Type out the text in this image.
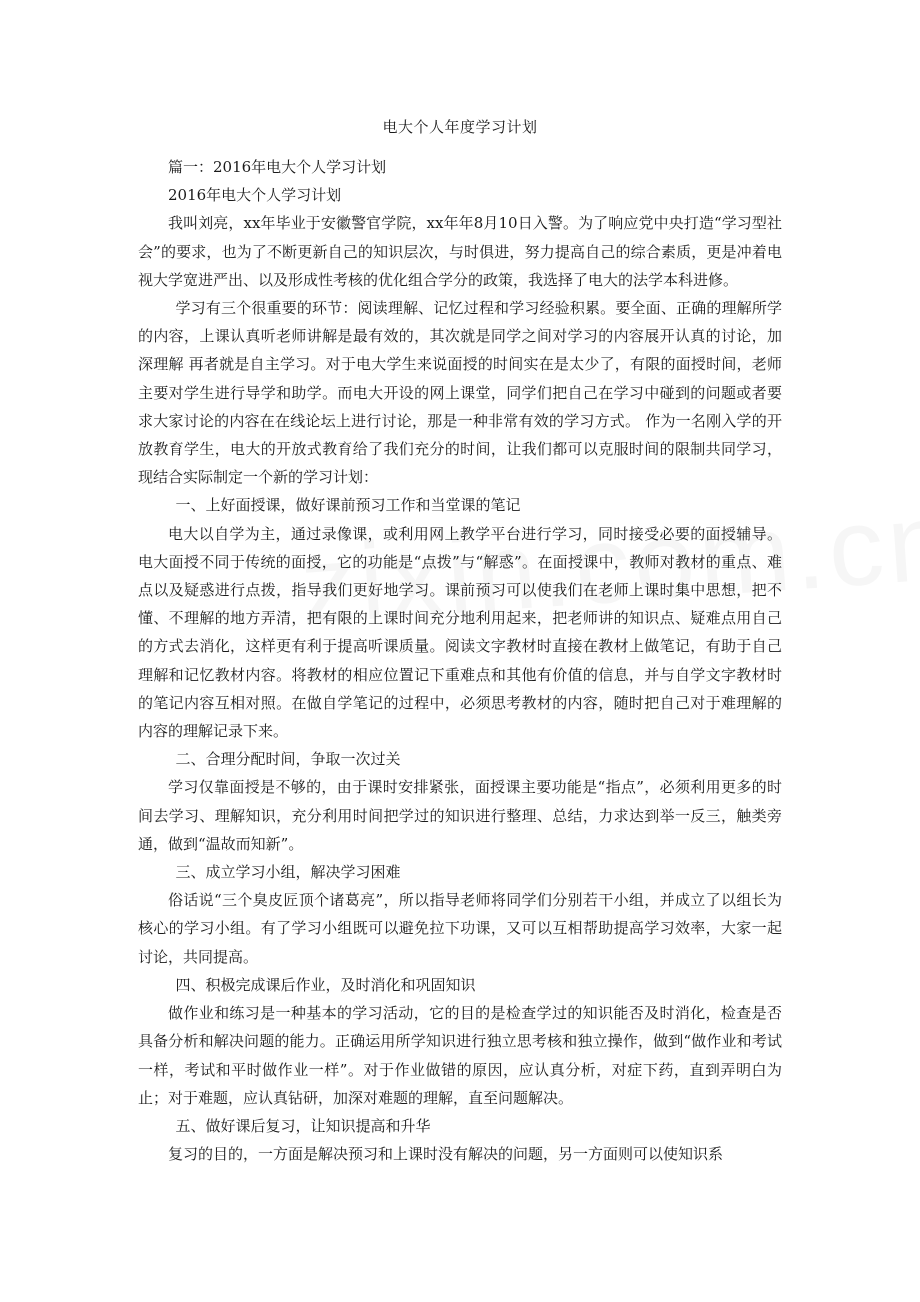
电大个人年度学习计划

篇一：2016年电大个人学习计划

2016年电大个人学习计划

我叫刘亮，xx年毕业于安徽警官学院，xx年年8月10日入警。为了响应党中央打造“学习型社会”的要求，也为了不断更新自己的知识层次，与时俱进，努力提高自己的综合素质，更是冲着电视大学宽进严出、以及形成性考核的优化组合学分的政策，我选择了电大的法学本科进修。

学习有三个很重要的环节：阅读理解、记忆过程和学习经验积累。要全面、正确的理解所学的内容，上课认真听老师讲解是最有效的，其次就是同学之间对学习的内容展开认真的讨论，加深理解 再者就是自主学习。对于电大学生来说面授的时间实在是太少了，有限的面授时间，老师主要对学生进行导学和助学。而电大开设的网上课堂，同学们把自己在学习中碰到的问题或者要求大家讨论的内容在在线论坛上进行讨论，那是一种非常有效的学习方式。 作为一名刚入学的开放教育学生，电大的开放式教育给了我们充分的时间，让我们都可以克服时间的限制共同学习，现结合实际制定一个新的学习计划：

一、上好面授课，做好课前预习工作和当堂课的笔记

电大以自学为主，通过录像课，或利用网上教学平台进行学习，同时接受必要的面授辅导。电大面授不同于传统的面授，它的功能是“点拨”与“解惑”。在面授课中，教师对教材的重点、难点以及疑惑进行点拨，指导我们更好地学习。课前预习可以使我们在老师上课时集中思想，把不懂、不理解的地方弄清，把有限的上课时间充分地利用起来，把老师讲的知识点、疑难点用自己的方式去消化，这样更有利于提高听课质量。阅读文字教材时直接在教材上做笔记，有助于自己理解和记忆教材内容。将教材的相应位置记下重难点和其他有价值的信息，并与自学文字教材时的笔记内容互相对照。在做自学笔记的过程中，必须思考教材的内容，随时把自己对于难理解的内容的理解记录下来。

二、合理分配时间，争取一次过关

学习仅靠面授是不够的，由于课时安排紧张，面授课主要功能是“指点”，必须利用更多的时间去学习、理解知识，充分利用时间把学过的知识进行整理、总结，力求达到举一反三，触类旁通，做到“温故而知新”。

三、成立学习小组，解决学习困难

俗话说“三个臭皮匠顶个诸葛亮”，所以指导老师将同学们分别若干小组，并成立了以组长为核心的学习小组。有了学习小组既可以避免拉下功课，又可以互相帮助提高学习效率，大家一起讨论，共同提高。

四、积极完成课后作业，及时消化和巩固知识

做作业和练习是一种基本的学习活动，它的目的是检查学过的知识能否及时消化，检查是否具备分析和解决问题的能力。正确运用所学知识进行独立思考核和独立操作，做到“做作业和考试一样，考试和平时做作业一样”。对于作业做错的原因，应认真分析，对症下药，直到弄明白为止；对于难题，应认真钻研，加深对难题的理解，直至问题解决。

五、做好课后复习，让知识提高和升华

复习的目的，一方面是解决预习和上课时没有解决的问题，另一方面则可以使知识系
